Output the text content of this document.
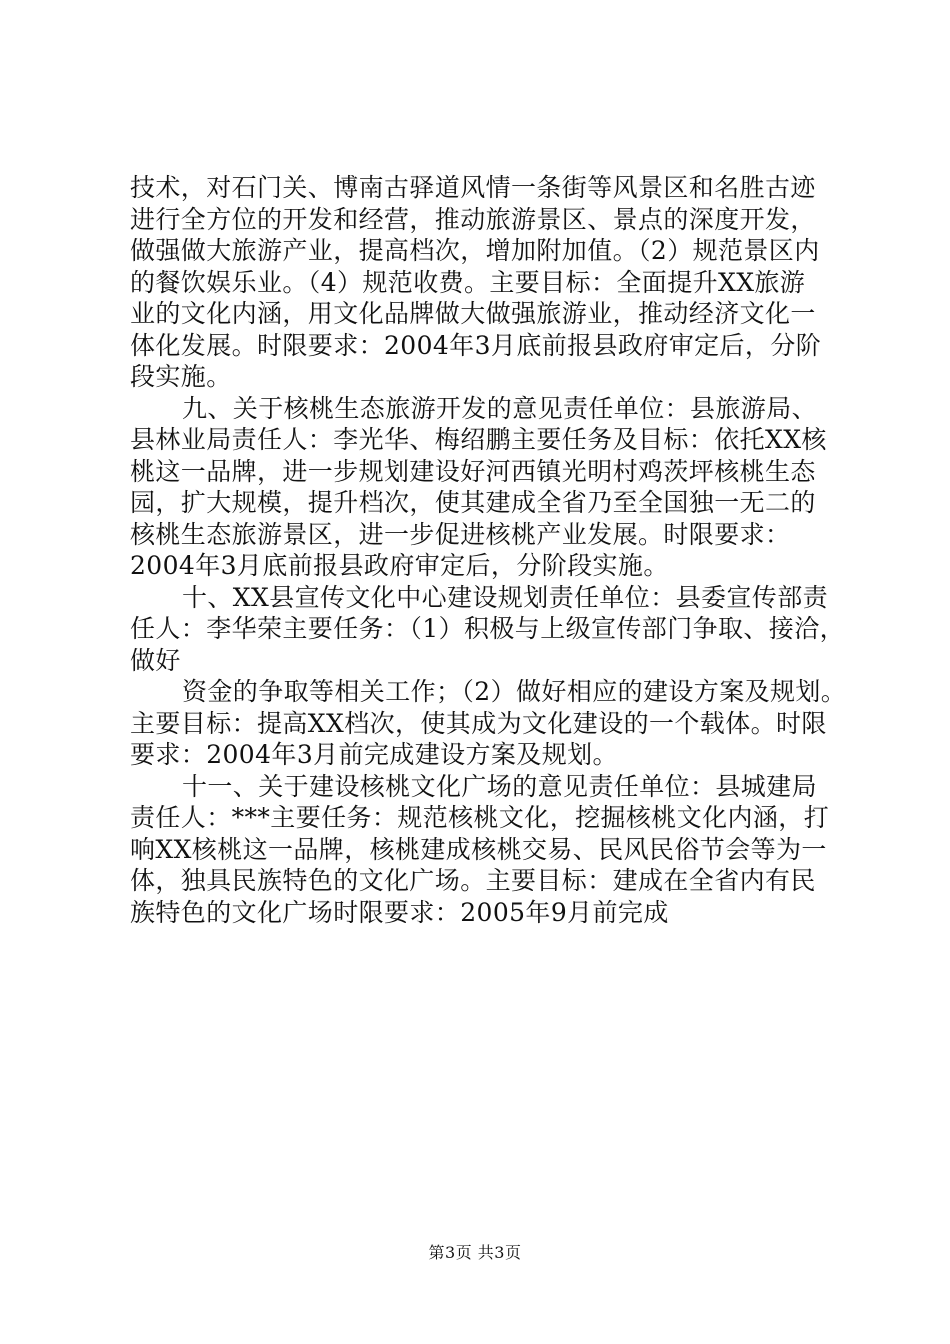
技术，对石门关、博南古驿道风情一条街等风景区和名胜古迹
进行全方位的开发和经营，推动旅游景区、景点的深度开发，
做强做大旅游产业，提高档次，增加附加值。（2）规范景区内
的餐饮娱乐业。（4）规范收费。主要目标：全面提升XX旅游
业的文化内涵，用文化品牌做大做强旅游业，推动经济文化一
体化发展。时限要求：2004年3月底前报县政府审定后，分阶
段实施。
九、关于核桃生态旅游开发的意见责任单位：县旅游局、
县林业局责任人：李光华、梅绍鹏主要任务及目标：依托XX核
桃这一品牌，进一步规划建设好河西镇光明村鸡茨坪核桃生态
园，扩大规模，提升档次，使其建成全省乃至全国独一无二的
核桃生态旅游景区，进一步促进核桃产业发展。时限要求：
2004年3月底前报县政府审定后，分阶段实施。
十、XX县宣传文化中心建设规划责任单位：县委宣传部责
任人：李华荣主要任务：（1）积极与上级宣传部门争取、接洽，
做好
资金的争取等相关工作；（2）做好相应的建设方案及规划。
主要目标：提高XX档次，使其成为文化建设的一个载体。时限
要求：2004年3月前完成建设方案及规划。
十一、关于建设核桃文化广场的意见责任单位：县城建局
责任人：***主要任务：规范核桃文化，挖掘核桃文化内涵，打
响XX核桃这一品牌，核桃建成核桃交易、民风民俗节会等为一
体，独具民族特色的文化广场。主要目标：建成在全省内有民
族特色的文化广场时限要求：2005年9月前完成
第3页 共3页
